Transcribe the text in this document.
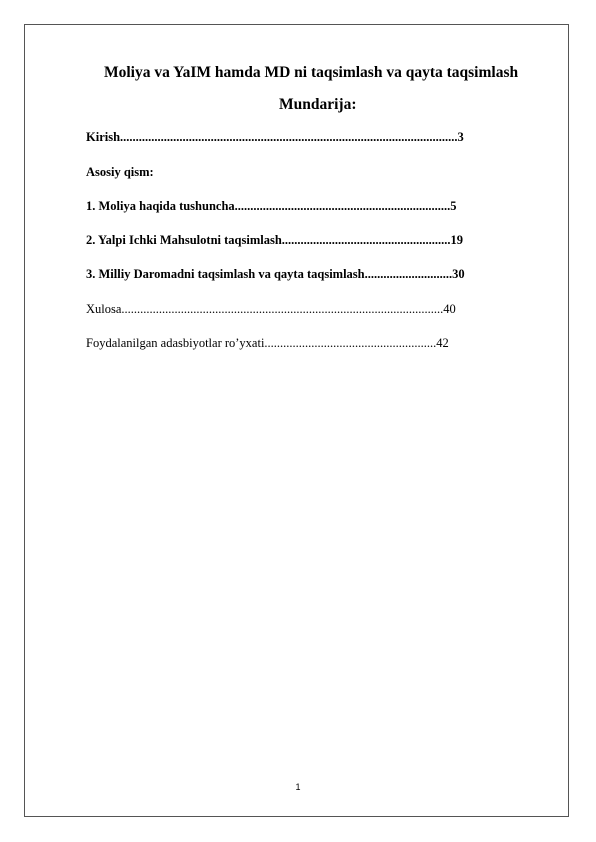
Moliya va YaIM hamda MD ni taqsimlash va qayta taqsimlash
Mundarija:
Kirish............................................................................................................3
Asosiy qism:
1. Moliya haqida tushuncha.....................................................................5
2. Yalpi Ichki Mahsulotni taqsimlash......................................................19
3. Milliy Daromadni taqsimlash va qayta taqsimlash............................30
Xulosa.......................................................................................................40
Foydalanilgan adasbiyotlar ro’yxati.......................................................42
1
